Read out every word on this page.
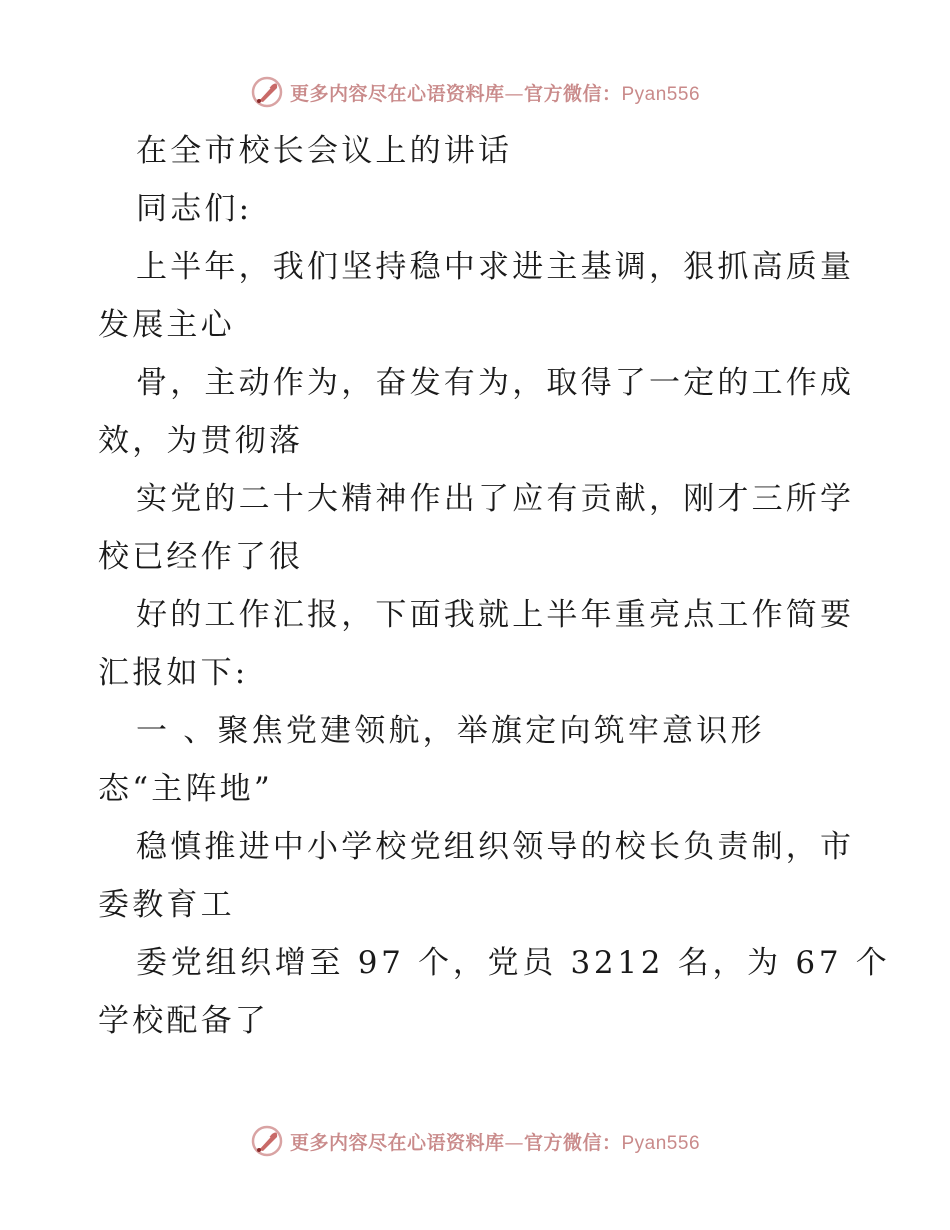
更多内容尽在心语资料库—官方微信：Pyan556
在全市校长会议上的讲话
同志们:
上半年，我们坚持稳中求进主基调，狠抓高质量
发展主心
骨，主动作为，奋发有为，取得了一定的工作成
效，为贯彻落
实党的二十大精神作出了应有贡献，刚才三所学
校已经作了很
好的工作汇报，下面我就上半年重亮点工作简要
汇报如下:
一 、聚焦党建领航，举旗定向筑牢意识形
态“主阵地”
稳慎推进中小学校党组织领导的校长负责制，市
委教育工
委党组织增至 97 个，党员 3212 名，为 67 个
学校配备了
更多内容尽在心语资料库—官方微信：Pyan556
